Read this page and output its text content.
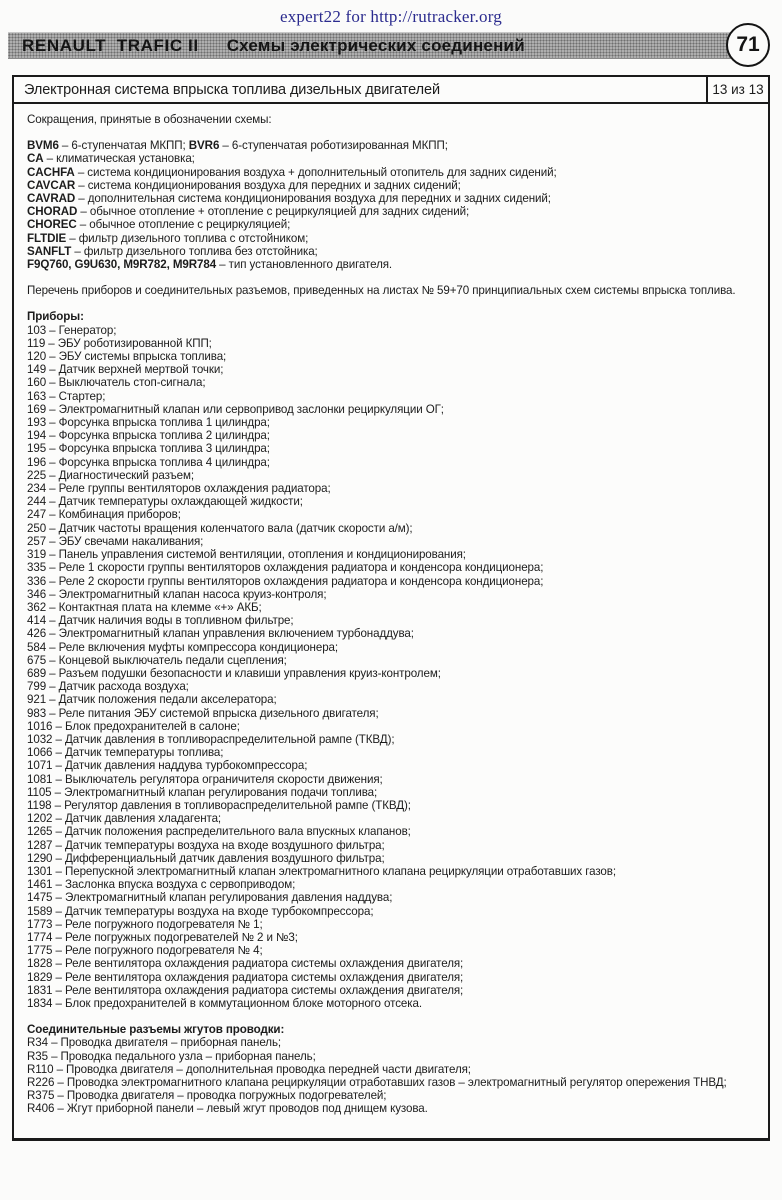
expert22 for http://rutracker.org
RENAULT  TRAFIC II Схемы электрических соединений	71
Электронная система впрыска топлива дизельных двигателей	13 из 13
Сокращения, принятые в обозначении схемы:
BVM6 – 6-ступенчатая МКПП; BVR6 – 6-ступенчатая роботизированная МКПП;
CA – климатическая установка;
CACHFA – система кондиционирования воздуха + дополнительный отопитель для задних сидений;
CAVCAR – система кондиционирования воздуха для передних и задних сидений;
CAVRAD – дополнительная система кондиционирования воздуха для передних и задних сидений;
CHORAD – обычное отопление + отопление с рециркуляцией для задних сидений;
CHOREC – обычное отопление с рециркуляцией;
FLTDIE – фильтр дизельного топлива с отстойником;
SANFLT – фильтр дизельного топлива без отстойника;
F9Q760, G9U630, M9R782, M9R784 – тип установленного двигателя.
Перечень приборов и соединительных разъемов, приведенных на листах № 59+70 принципиальных схем системы впрыска топлива.
Приборы:
103 – Генератор;
119 – ЭБУ роботизированной КПП;
120 – ЭБУ системы впрыска топлива;
149 – Датчик верхней мертвой точки;
160 – Выключатель стоп-сигнала;
163 – Стартер;
169 – Электромагнитный клапан или сервопривод заслонки рециркуляции ОГ;
193 – Форсунка впрыска топлива 1 цилиндра;
194 – Форсунка впрыска топлива 2 цилиндра;
195 – Форсунка впрыска топлива 3 цилиндра;
196 – Форсунка впрыска топлива 4 цилиндра;
225 – Диагностический разъем;
234 – Реле группы вентиляторов охлаждения радиатора;
244 – Датчик температуры охлаждающей жидкости;
247 – Комбинация приборов;
250 – Датчик частоты вращения коленчатого вала (датчик скорости а/м);
257 – ЭБУ свечами накаливания;
319 – Панель управления системой вентиляции, отопления и кондиционирования;
335 – Реле 1 скорости группы вентиляторов охлаждения радиатора и конденсора кондиционера;
336 – Реле 2 скорости группы вентиляторов охлаждения радиатора и конденсора кондиционера;
346 – Электромагнитный клапан насоса круиз-контроля;
362 – Контактная плата на клемме «+» АКБ;
414 – Датчик наличия воды в топливном фильтре;
426 – Электромагнитный клапан управления включением турбонаддува;
584 – Реле включения муфты компрессора кондиционера;
675 – Концевой выключатель педали сцепления;
689 – Разъем подушки безопасности и клавиши управления круиз-контролем;
799 – Датчик расхода воздуха;
921 – Датчик положения педали акселератора;
983 – Реле питания ЭБУ системой впрыска дизельного двигателя;
1016 – Блок предохранителей в салоне;
1032 – Датчик давления в топливораспределительной рампе (ТКВД);
1066 – Датчик температуры топлива;
1071 – Датчик давления наддува турбокомпрессора;
1081 – Выключатель регулятора ограничителя скорости движения;
1105 – Электромагнитный клапан регулирования подачи топлива;
1198 – Регулятор давления в топливораспределительной рампе (ТКВД);
1202 – Датчик давления хладагента;
1265 – Датчик положения распределительного вала впускных клапанов;
1287 – Датчик температуры воздуха на входе воздушного фильтра;
1290 – Дифференциальный датчик давления воздушного фильтра;
1301 – Перепускной электромагнитный клапан электромагнитного клапана рециркуляции отработавших газов;
1461 – Заслонка впуска воздуха с сервоприводом;
1475 – Электромагнитный клапан регулирования давления наддува;
1589 – Датчик температуры воздуха на входе турбокомпрессора;
1773 – Реле погружного подогревателя № 1;
1774 – Реле погружных подогревателей № 2 и №3;
1775 – Реле погружного подогревателя № 4;
1828 – Реле вентилятора охлаждения радиатора системы охлаждения двигателя;
1829 – Реле вентилятора охлаждения радиатора системы охлаждения двигателя;
1831 – Реле вентилятора охлаждения радиатора системы охлаждения двигателя;
1834 – Блок предохранителей в коммутационном блоке моторного отсека.
Соединительные разъемы жгутов проводки:
R34 – Проводка двигателя – приборная панель;
R35 – Проводка педального узла – приборная панель;
R110 – Проводка двигателя – дополнительная проводка передней части двигателя;
R226 – Проводка электромагнитного клапана рециркуляции отработавших газов – электромагнитный регулятор опережения ТНВД;
R375 – Проводка двигателя – проводка погружных подогревателей;
R406 – Жгут приборной панели – левый жгут проводов под днищем кузова.
